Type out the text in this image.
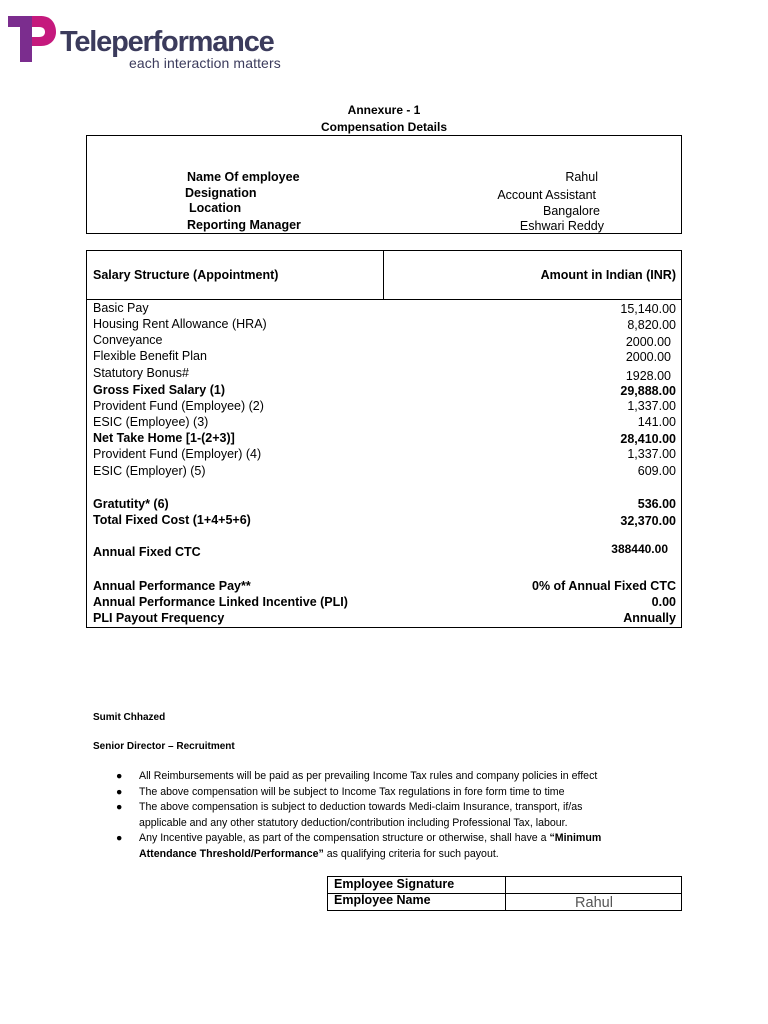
Teleperformance
each interaction matters
Annexure - 1
Compensation Details
Name Of employee	Rahul
Designation	Account Assistant
Location	Bangalore
Reporting Manager	Eshwari Reddy
Salary Structure (Appointment)	Amount in Indian (INR)
Basic Pay	15,140.00
Housing Rent Allowance (HRA)	8,820.00
Conveyance	2000.00
Flexible Benefit Plan	2000.00
Statutory Bonus#	1928.00
Gross Fixed Salary (1)	29,888.00
Provident Fund (Employee) (2)	1,337.00
ESIC (Employee) (3)	141.00
Net Take Home [1-(2+3)]	28,410.00
Provident Fund (Employer) (4)	1,337.00
ESIC (Employer) (5)	609.00
Gratutity* (6)	536.00
Total Fixed Cost (1+4+5+6)	32,370.00
Annual Fixed CTC	388440.00
Annual Performance Pay**	0% of Annual Fixed CTC
Annual Performance Linked Incentive (PLI)	0.00
PLI Payout Frequency	Annually
Sumit Chhazed
Senior Director – Recruitment
● All Reimbursements will be paid as per prevailing Income Tax rules and company policies in effect
● The above compensation will be subject to Income Tax regulations in fore form time to time
● The above compensation is subject to deduction towards Medi-claim Insurance, transport, if/as
applicable and any other statutory deduction/contribution including Professional Tax, labour.
● Any Incentive payable, as part of the compensation structure or otherwise, shall have a “Minimum
Attendance Threshold/Performance” as qualifying criteria for such payout.
Employee Signature
Employee Name	Rahul
